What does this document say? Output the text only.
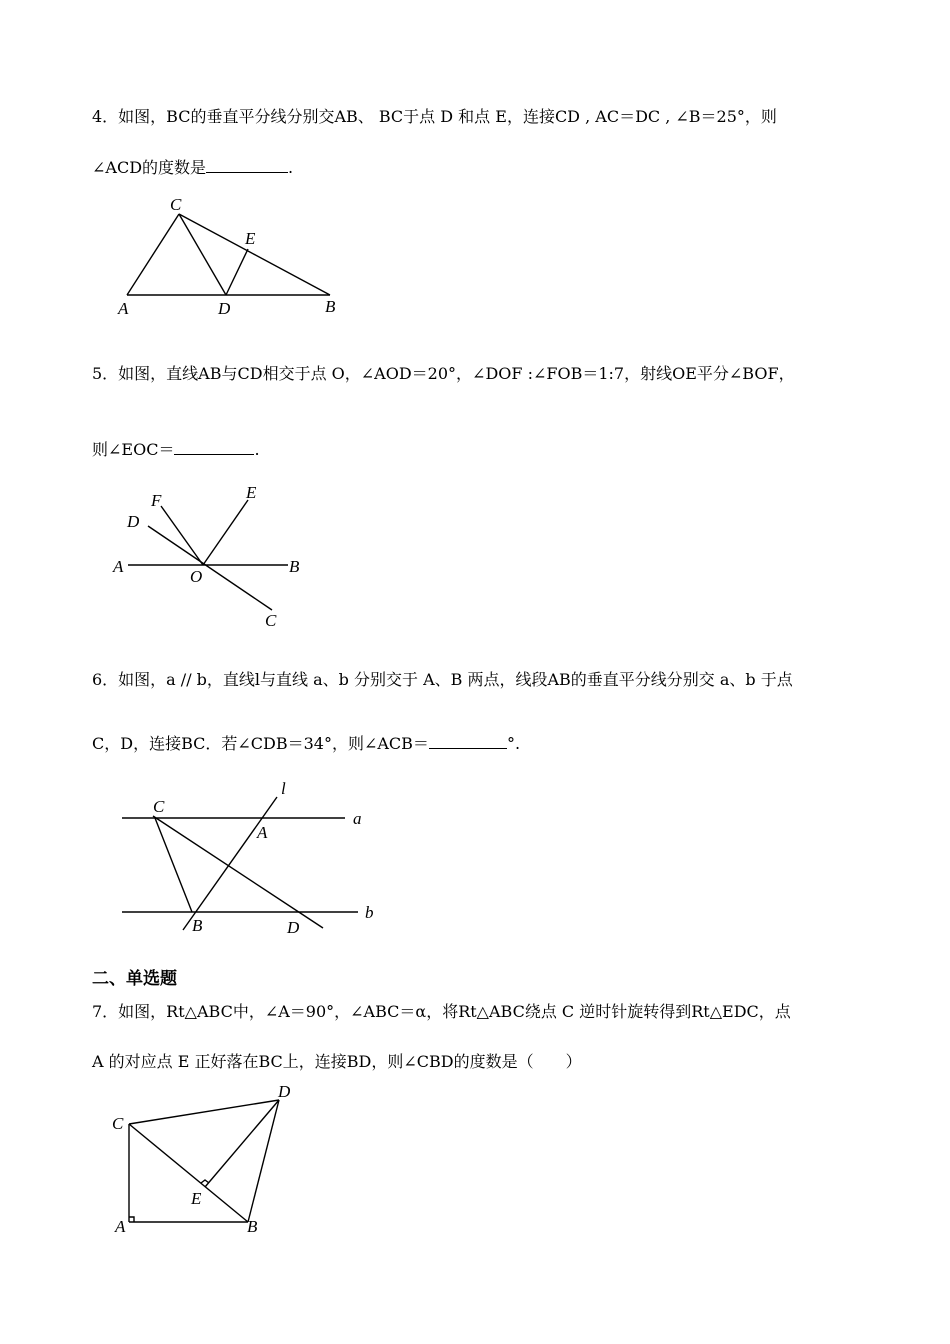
4．如图，BC的垂直平分线分别交AB、 BC于点 D 和点 E，连接CD , AC＝DC , ∠B＝25°，则
∠ACD的度数是	.
C
E
A	D	B
5．如图，直线AB与CD相交于点 O，∠AOD＝20°，∠DOF :∠FOB＝1:7，射线OE平分∠BOF，
则∠EOC＝	.
F	E
D
A
O
B
C
6．如图，a // b，直线l与直线 a、b 分别交于 A、B 两点，线段AB的垂直平分线分别交 a、b 于点
C，D，连接BC．若∠CDB＝34°，则∠ACB＝	°.
l
C
A
a
B	D
b
二、单选题
7．如图，Rt△ABC中，∠A＝90°，∠ABC＝α，将Rt△ABC绕点 C 逆时针旋转得到Rt△EDC，点
A 的对应点 E 正好落在BC上，连接BD，则∠CBD的度数是（　　）
C
D
E
A	B
